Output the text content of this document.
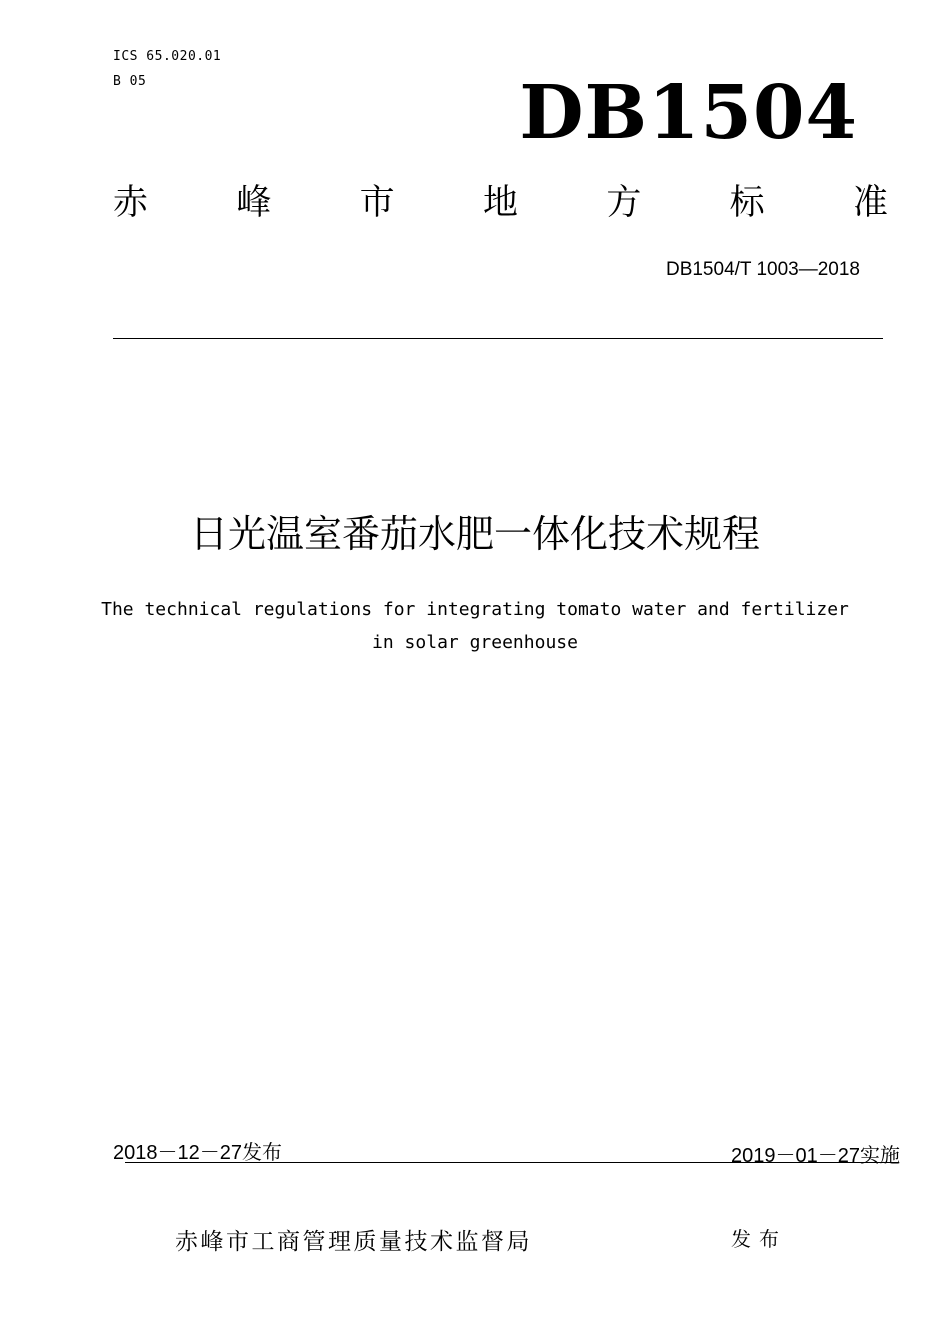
ICS 65.020.01
B 05	DB1504
赤	峰	市	地	方	标	准
DB1504/T 1003—2018
日光温室番茄水肥一体化技术规程
The technical regulations for integrating tomato water and fertilizer
in solar greenhouse
2018－12－27发布	2019－01－27实施
赤峰市工商管理质量技术监督局	发布
